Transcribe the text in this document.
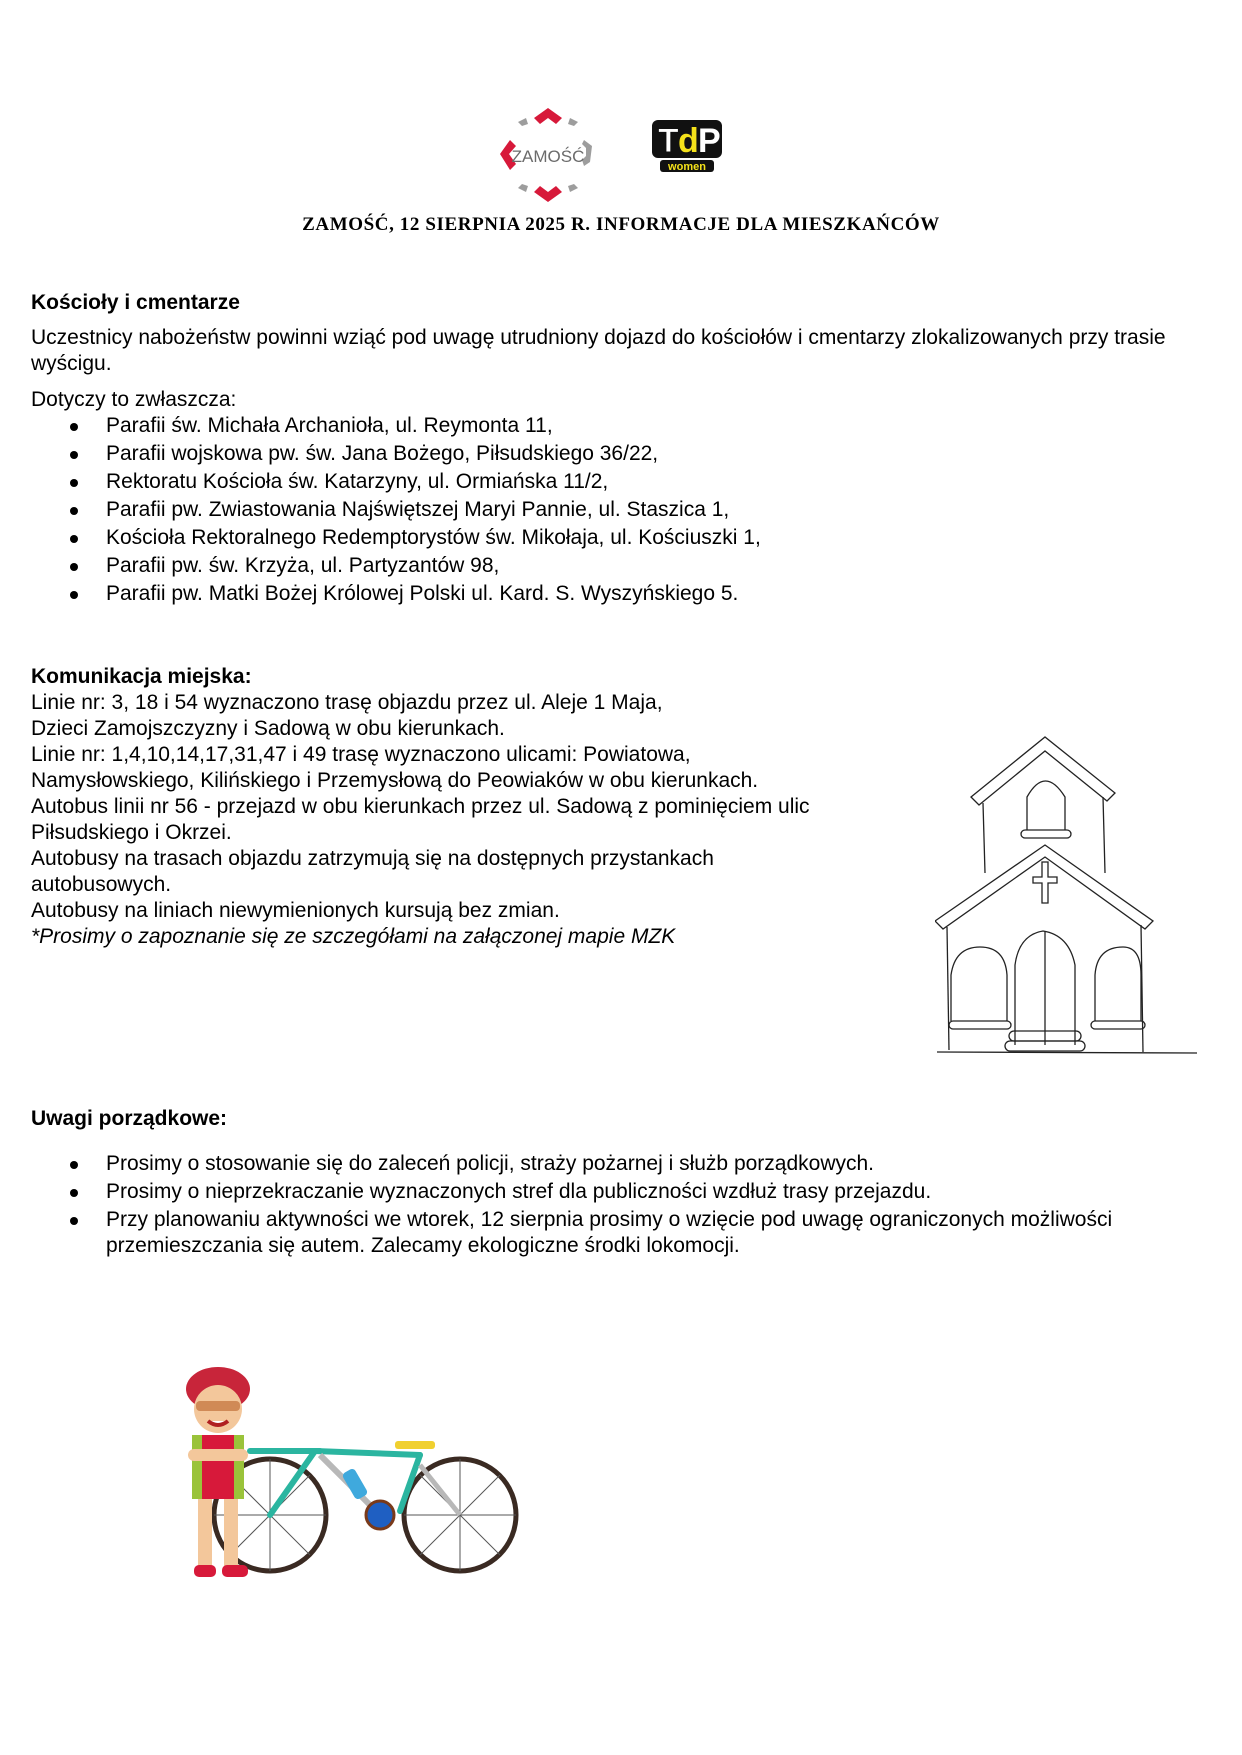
ZAMOŚĆ T d P
women
ZAMOŚĆ, 12 SIERPNIA 2025 R. INFORMACJE DLA MIESZKAŃCÓW
Kościoły i cmentarze
Uczestnicy nabożeństw powinni wziąć pod uwagę utrudniony dojazd do kościołów i cmentarzy zlokalizowanych przy trasie wyścigu.
Dotyczy to zwłaszcza:
Parafii św. Michała Archanioła, ul. Reymonta 11,
Parafii wojskowa pw. św. Jana Bożego, Piłsudskiego 36/22,
Rektoratu Kościoła św. Katarzyny, ul. Ormiańska 11/2,
Parafii pw. Zwiastowania Najświętszej Maryi Pannie, ul. Staszica 1,
Kościoła Rektoralnego Redemptorystów św. Mikołaja, ul. Kościuszki 1,
Parafii pw. św. Krzyża, ul. Partyzantów 98,
Parafii pw. Matki Bożej Królowej Polski ul. Kard. S. Wyszyńskiego 5.
Komunikacja miejska:
Linie nr: 3, 18 i 54 wyznaczono trasę objazdu przez ul. Aleje 1 Maja,
Dzieci Zamojszczyzny i Sadową w obu kierunkach.
Linie nr: 1,4,10,14,17,31,47 i 49 trasę wyznaczono ulicami: Powiatowa,
Namysłowskiego, Kilińskiego i Przemysłową do Peowiaków w obu kierunkach.
Autobus linii nr 56 - przejazd w obu kierunkach przez ul. Sadową z pominięciem ulic
Piłsudskiego i Okrzei.
Autobusy na trasach objazdu zatrzymują się na dostępnych przystankach
autobusowych.
Autobusy na liniach niewymienionych kursują bez zmian.
*Prosimy o zapoznanie się ze szczegółami na załączonej mapie MZK
Uwagi porządkowe:
Prosimy o stosowanie się do zaleceń policji, straży pożarnej i służb porządkowych.
Prosimy o nieprzekraczanie wyznaczonych stref dla publiczności wzdłuż trasy przejazdu.
Przy planowaniu aktywności we wtorek, 12 sierpnia prosimy o wzięcie pod uwagę ograniczonych możliwości przemieszczania się autem. Zalecamy ekologiczne środki lokomocji.
